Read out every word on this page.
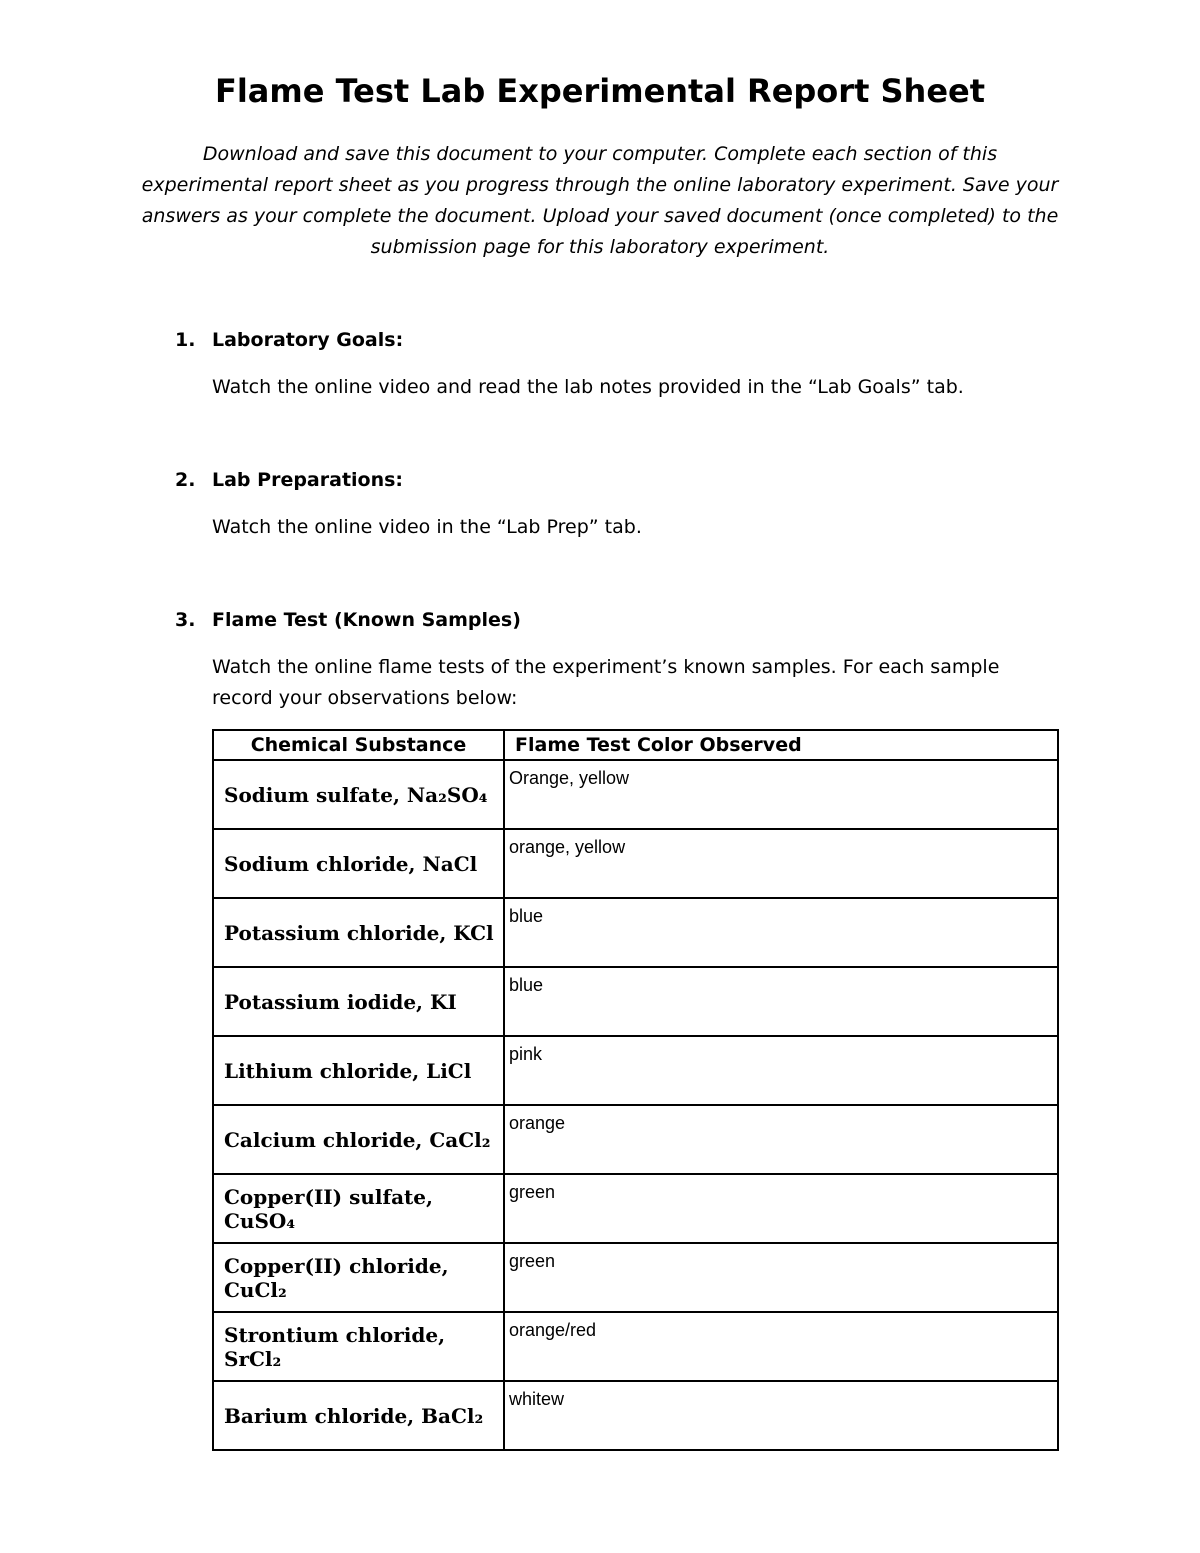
Flame Test Lab Experimental Report Sheet
Download and save this document to your computer. Complete each section of this experimental report sheet as you progress through the online laboratory experiment. Save your answers as your complete the document. Upload your saved document (once completed) to the submission page for this laboratory experiment.
1. Laboratory Goals:
Watch the online video and read the lab notes provided in the “Lab Goals” tab.
2. Lab Preparations:
Watch the online video in the “Lab Prep” tab.
3. Flame Test (Known Samples)
Watch the online flame tests of the experiment’s known samples. For each sample record your observations below:
Chemical Substance	Flame Test Color Observed
Sodium sulfate, Na₂SO₄	Orange, yellow
Sodium chloride, NaCl	orange, yellow
Potassium chloride, KCl	blue
Potassium iodide, KI	blue
Lithium chloride, LiCl	pink
Calcium chloride, CaCl₂	orange
Copper(II) sulfate, CuSO₄	green
Copper(II) chloride, CuCl₂	green
Strontium chloride, SrCl₂	orange/red
Barium chloride, BaCl₂	whitew
